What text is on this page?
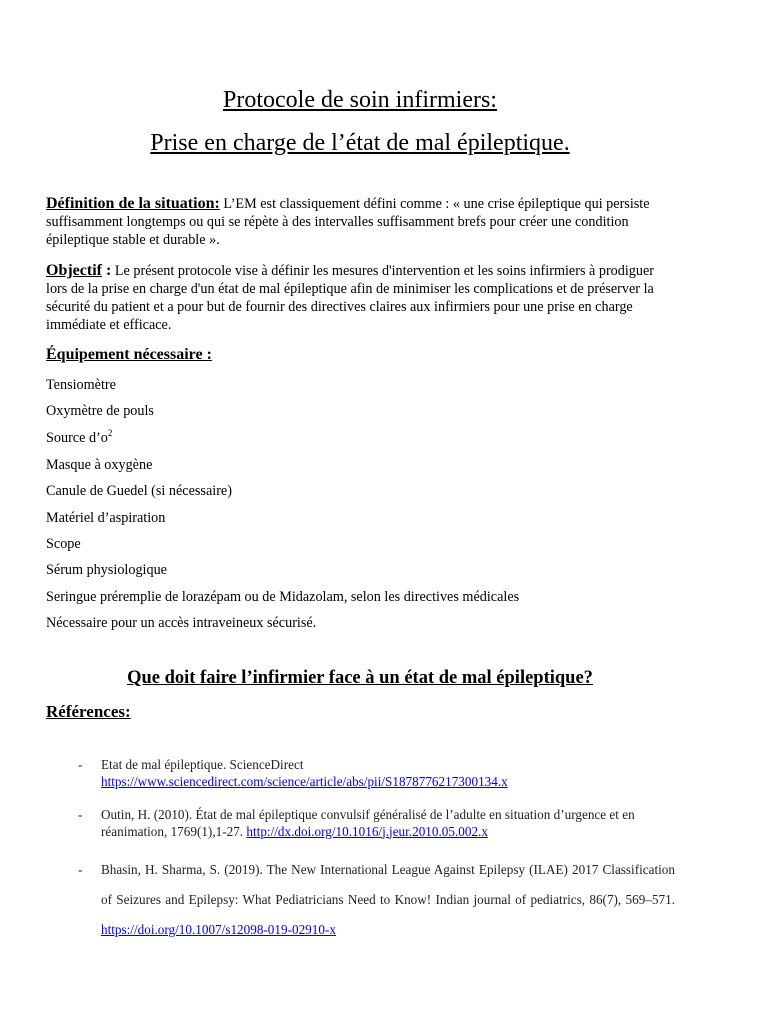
Protocole de soin infirmiers:
Prise en charge de l’état de mal épileptique.
Définition de la situation: L’EM est classiquement défini comme : « une crise épileptique qui persiste suffisamment longtemps ou qui se répète à des intervalles suffisamment brefs pour créer une condition épileptique stable et durable ».
Objectif : Le présent protocole vise à définir les mesures d'intervention et les soins infirmiers à prodiguer lors de la prise en charge d'un état de mal épileptique afin de minimiser les complications et de préserver la sécurité du patient et a pour but de fournir des directives claires aux infirmiers pour une prise en charge immédiate et efficace.
Équipement nécessaire :
Tensiomètre
Oxymètre de pouls
Source $d’o^2$
Masque à oxygène
Canule de Guedel (si nécessaire)
Matériel d’aspiration
Scope
Sérum physiologique
Seringue préremplie de lorazépam ou de Midazolam, selon les directives médicales
Nécessaire pour un accès intraveineux sécurisé.
Que doit faire l’infirmier face à un état de mal épileptique?
Références:
- Etat de mal épileptique. ScienceDirect
https://www.sciencedirect.com/science/article/abs/pii/S1878776217300134.x
- Outin, H. (2010). État de mal épileptique convulsif généralisé de l’adulte en situation d’urgence et en réanimation, 1769(1),1-27. http://dx.doi.org/10.1016/j.jeur.2010.05.002.x
- Bhasin, H. Sharma, S. (2019). The New International League Against Epilepsy (ILAE) 2017 Classification of Seizures and Epilepsy: What Pediatricians Need to Know! Indian journal of pediatrics, 86(7), 569–571. https://doi.org/10.1007/s12098-019-02910-x
